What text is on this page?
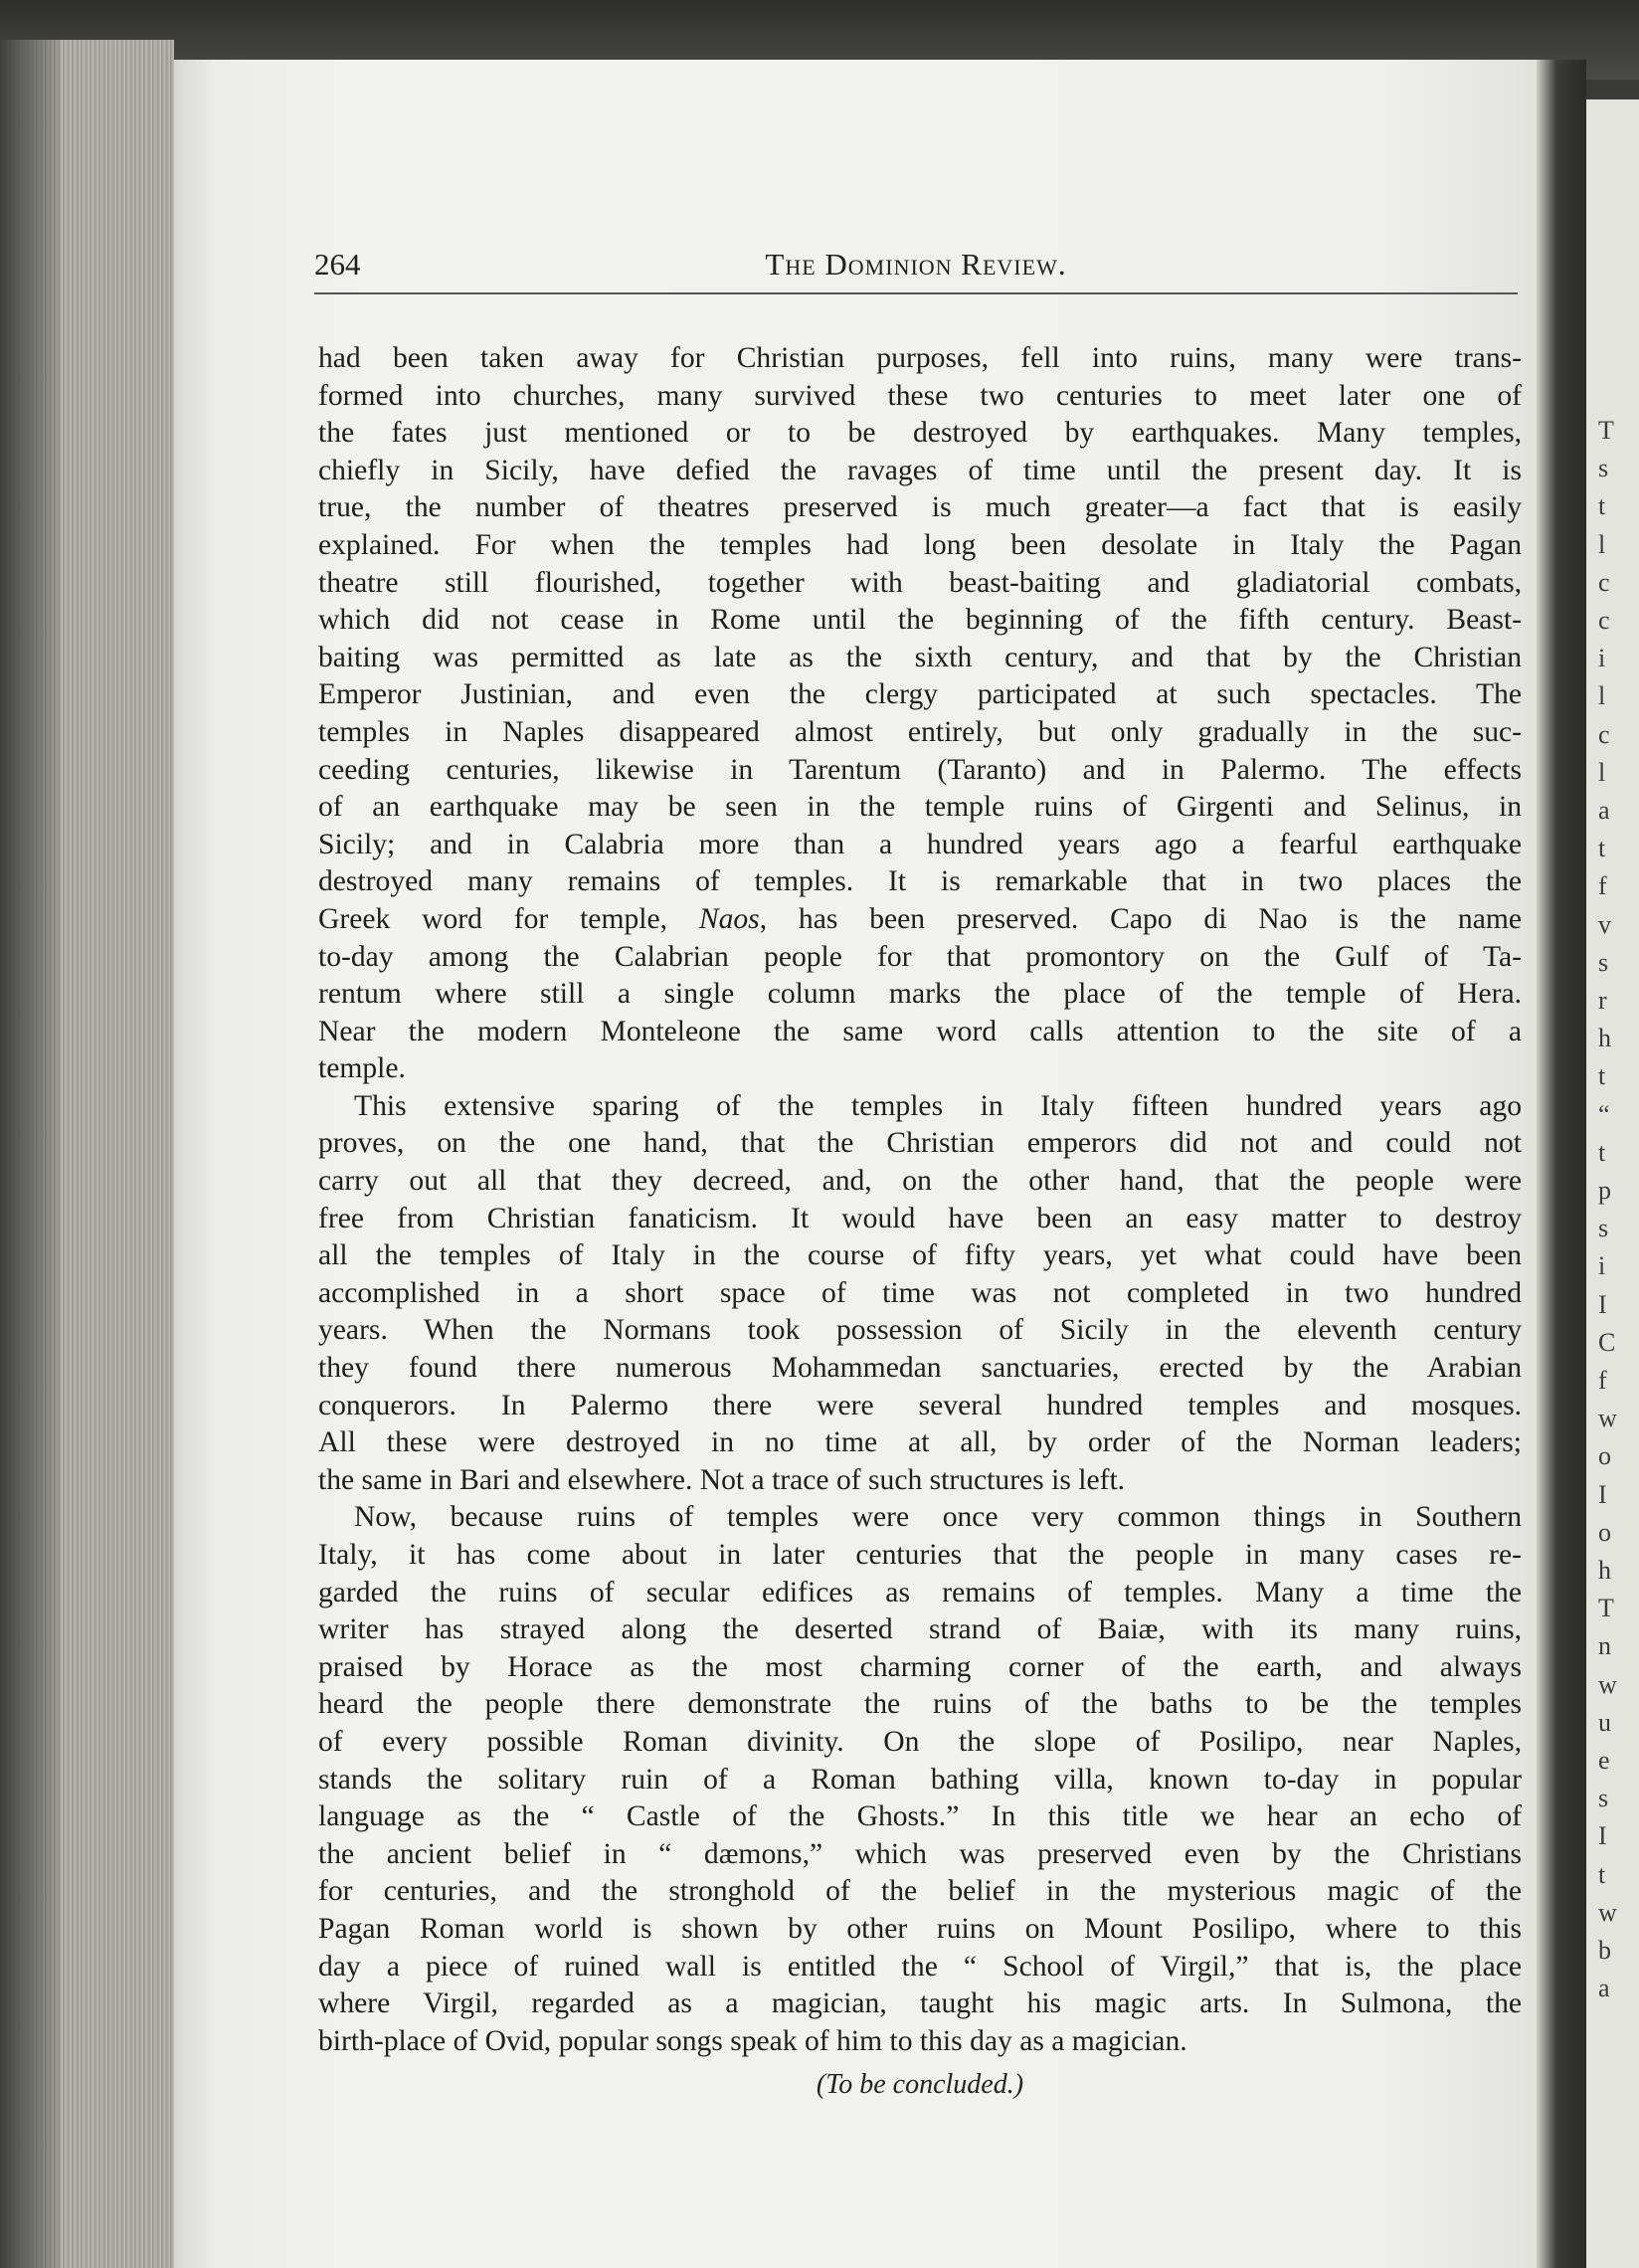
T
s
t
l
c
c
i
l
c
l
a
t
f
v
s
r
h
t
“
t
p
s
i
I
C
f
w
o
I
o
h
T
n
w
u
e
s
I
t
w
b
a
264	The Dominion Review.
had been taken away for Christian purposes, fell into ruins, many were trans-
formed into churches, many survived these two centuries to meet later one of
the fates just mentioned or to be destroyed by earthquakes. Many temples,
chiefly in Sicily, have defied the ravages of time until the present day. It is
true, the number of theatres preserved is much greater—a fact that is easily
explained. For when the temples had long been desolate in Italy the Pagan
theatre still flourished, together with beast-baiting and gladiatorial combats,
which did not cease in Rome until the beginning of the fifth century. Beast-
baiting was permitted as late as the sixth century, and that by the Christian
Emperor Justinian, and even the clergy participated at such spectacles. The
temples in Naples disappeared almost entirely, but only gradually in the suc-
ceeding centuries, likewise in Tarentum (Taranto) and in Palermo. The effects
of an earthquake may be seen in the temple ruins of Girgenti and Selinus, in
Sicily; and in Calabria more than a hundred years ago a fearful earthquake
destroyed many remains of temples. It is remarkable that in two places the
Greek word for temple, Naos, has been preserved. Capo di Nao is the name
to-day among the Calabrian people for that promontory on the Gulf of Ta-
rentum where still a single column marks the place of the temple of Hera.
Near the modern Monteleone the same word calls attention to the site of a
temple.
This extensive sparing of the temples in Italy fifteen hundred years ago
proves, on the one hand, that the Christian emperors did not and could not
carry out all that they decreed, and, on the other hand, that the people were
free from Christian fanaticism. It would have been an easy matter to destroy
all the temples of Italy in the course of fifty years, yet what could have been
accomplished in a short space of time was not completed in two hundred
years. When the Normans took possession of Sicily in the eleventh century
they found there numerous Mohammedan sanctuaries, erected by the Arabian
conquerors. In Palermo there were several hundred temples and mosques.
All these were destroyed in no time at all, by order of the Norman leaders;
the same in Bari and elsewhere. Not a trace of such structures is left.
Now, because ruins of temples were once very common things in Southern
Italy, it has come about in later centuries that the people in many cases re-
garded the ruins of secular edifices as remains of temples. Many a time the
writer has strayed along the deserted strand of Baiæ, with its many ruins,
praised by Horace as the most charming corner of the earth, and always
heard the people there demonstrate the ruins of the baths to be the temples
of every possible Roman divinity. On the slope of Posilipo, near Naples,
stands the solitary ruin of a Roman bathing villa, known to-day in popular
language as the “ Castle of the Ghosts.” In this title we hear an echo of
the ancient belief in “ dæmons,” which was preserved even by the Christians
for centuries, and the stronghold of the belief in the mysterious magic of the
Pagan Roman world is shown by other ruins on Mount Posilipo, where to this
day a piece of ruined wall is entitled the “ School of Virgil,” that is, the place
where Virgil, regarded as a magician, taught his magic arts. In Sulmona, the
birth-place of Ovid, popular songs speak of him to this day as a magician.
(To be concluded.)
